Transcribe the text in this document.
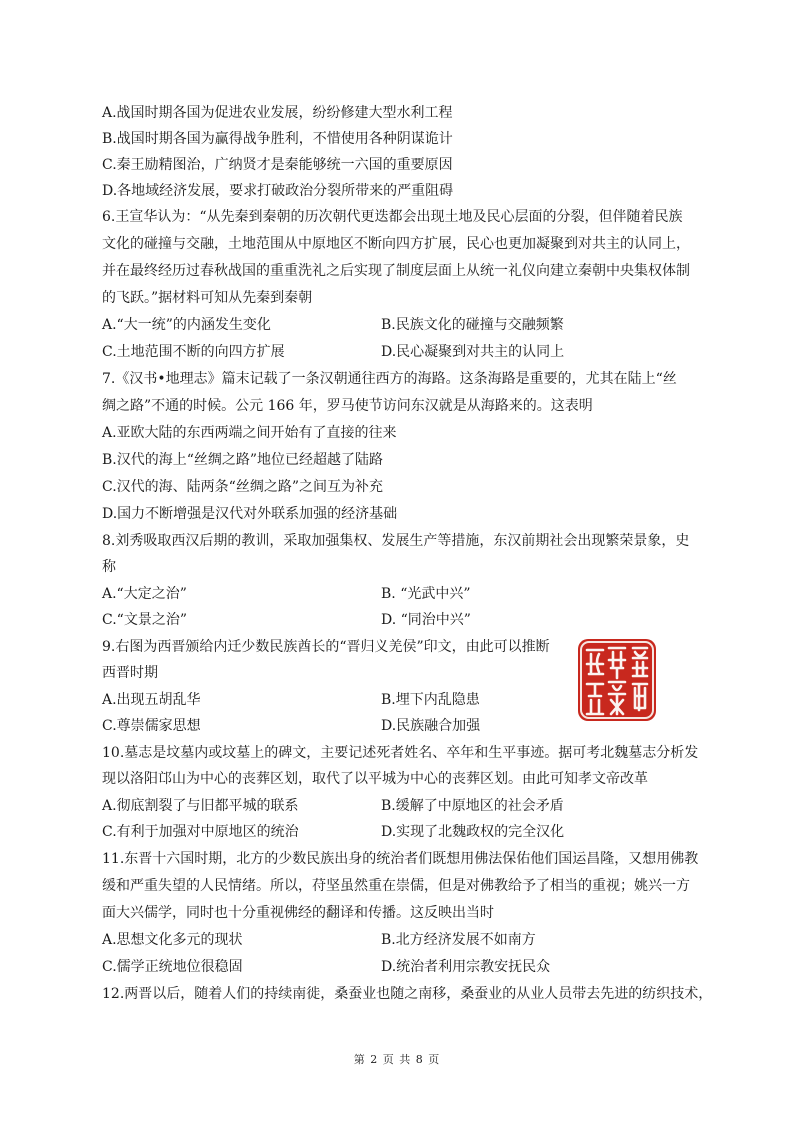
A.战国时期各国为促进农业发展，纷纷修建大型水利工程
B.战国时期各国为赢得战争胜利，不惜使用各种阴谋诡计
C.秦王励精图治，广纳贤才是秦能够统一六国的重要原因
D.各地域经济发展，要求打破政治分裂所带来的严重阻碍
6.王宣华认为：“从先秦到秦朝的历次朝代更迭都会出现土地及民心层面的分裂，但伴随着民族
文化的碰撞与交融，土地范围从中原地区不断向四方扩展，民心也更加凝聚到对共主的认同上，
并在最终经历过春秋战国的重重洗礼之后实现了制度层面上从统一礼仪向建立秦朝中央集权体制
的飞跃。”据材料可知从先秦到秦朝
A.“大一统”的内涵发生变化	B.民族文化的碰撞与交融频繁
C.土地范围不断的向四方扩展	D.民心凝聚到对共主的认同上
7.《汉书•地理志》篇末记载了一条汉朝通往西方的海路。这条海路是重要的，尤其在陆上“丝
绸之路”不通的时候。公元 166 年，罗马使节访问东汉就是从海路来的。这表明
A.亚欧大陆的东西两端之间开始有了直接的往来
B.汉代的海上“丝绸之路”地位已经超越了陆路
C.汉代的海、陆两条“丝绸之路”之间互为补充
D.国力不断增强是汉代对外联系加强的经济基础
8.刘秀吸取西汉后期的教训，采取加强集权、发展生产等措施，东汉前期社会出现繁荣景象，史
称
A.“大定之治”	B. “光武中兴”
C.“文景之治”	D. “同治中兴”
9.右图为西晋颁给内迁少数民族酋长的“晋归义羌侯”印文，由此可以推断
西晋时期
A.出现五胡乱华	B.埋下内乱隐患
C.尊崇儒家思想	D.民族融合加强
10.墓志是坟墓内或坟墓上的碑文，主要记述死者姓名、卒年和生平事迹。据可考北魏墓志分析发
现以洛阳邙山为中心的丧葬区划，取代了以平城为中心的丧葬区划。由此可知孝文帝改革
A.彻底割裂了与旧都平城的联系	B.缓解了中原地区的社会矛盾
C.有利于加强对中原地区的统治	D.实现了北魏政权的完全汉化
11.东晋十六国时期，北方的少数民族出身的统治者们既想用佛法保佑他们国运昌隆，又想用佛教
缓和严重失望的人民情绪。所以，苻坚虽然重在崇儒，但是对佛教给予了相当的重视；姚兴一方
面大兴儒学，同时也十分重视佛经的翻译和传播。这反映出当时
A.思想文化多元的现状	B.北方经济发展不如南方
C.儒学正统地位很稳固	D.统治者利用宗教安抚民众
12.两晋以后，随着人们的持续南徙，桑蚕业也随之南移，桑蚕业的从业人员带去先进的纺织技术，
第 2 页 共 8 页
